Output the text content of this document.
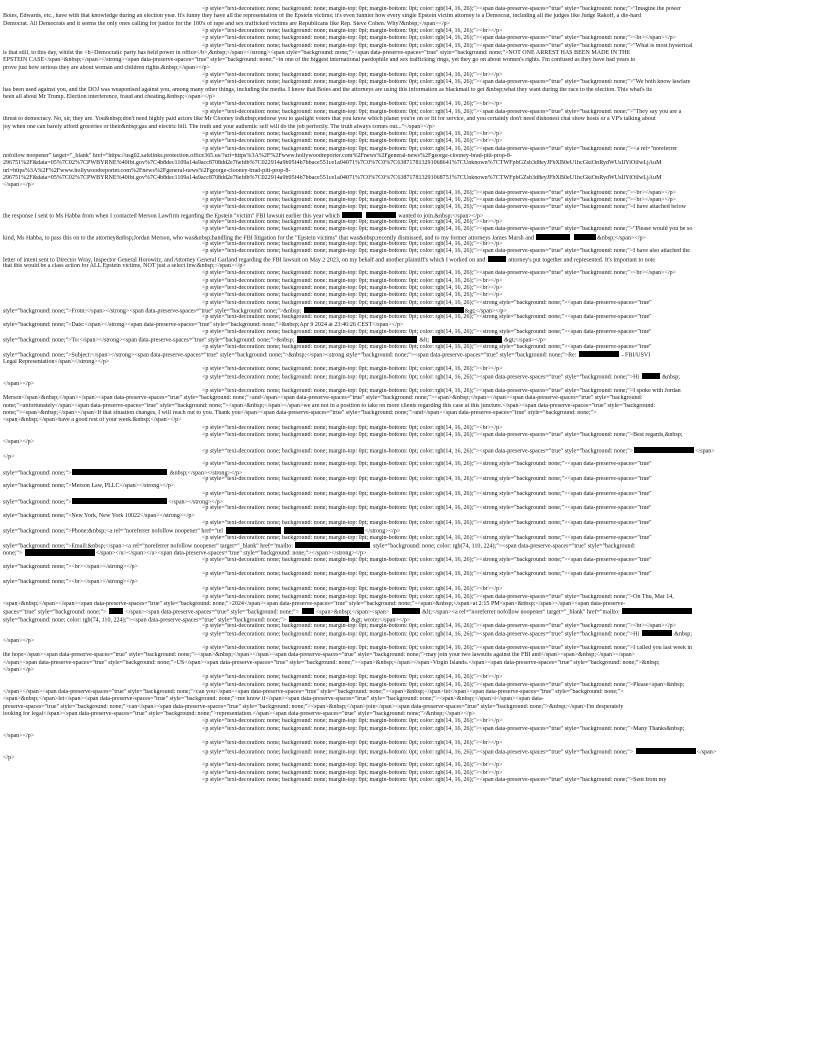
<p style="text-decoration: none; background: none; margin-top: 0pt; margin-bottom: 0pt; color: rgb(14, 16, 26);"><span data-preserve-spaces="true" style="background: none;">"Imagine the power
Boies, Edwards, etc., have with that knowledge during an election year. It's funny they have all the representation of the Epstein victims; it's even funnier how every single Epstein victim attorney is a Democrat, including all the judges like Judge Rakoff, a die-hard
Democrat. All Democrats and it seems the only ones calling for justice for the 100's of rape and sex trafficked victims are Republicans like Rep. Steve Cohen. Why?&nbsp;</span></p>
<p style="text-decoration: none; background: none; margin-top: 0pt; margin-bottom: 0pt; color: rgb(14, 16, 26);"><br></p>
<p style="text-decoration: none; background: none; margin-top: 0pt; margin-bottom: 0pt; color: rgb(14, 16, 26);"><span data-preserve-spaces="true" style="background: none;"><br></span></p>
<p style="text-decoration: none; background: none; margin-top: 0pt; margin-bottom: 0pt; color: rgb(14, 16, 26);"><span data-preserve-spaces="true" style="background: none;">"What is most hysterical
is that still, to this day, whilst the <b>Democratic party has held power in office</b>,&nbsp;</span></strong><span style="background: none;"><span data-preserve-spaces="true" style="background: none;">NOT ONE ARREST HAS BEEN MADE IN THE
EPSTEIN CASE</span>&nbsp;</span></strong><span data-preserve-spaces="true" style="background: none;">in one of the biggest international paedophile and sex trafficking rings, yet they go on about women's rights. I'm confused as they have had years to
prove just how serious they are about woman and children rights.&nbsp;</span></p>
<p style="text-decoration: none; background: none; margin-top: 0pt; margin-bottom: 0pt; color: rgb(14, 16, 26);"><br></p>
<p style="text-decoration: none; background: none; margin-top: 0pt; margin-bottom: 0pt; color: rgb(14, 16, 26);"><span data-preserve-spaces="true" style="background: none;">"We both know lawfare
has been used against you, and the DOJ was weaponised against you, among many other things, including the media. I know that Boies and the attorneys are using this information as blackmail to get &nbsp;what they want during the race to the election. This what's its
been all about Mr Trump. Election interference, fraud and cheating.&nbsp;</span></p>
<p style="text-decoration: none; background: none; margin-top: 0pt; margin-bottom: 0pt; color: rgb(14, 16, 26);"><br></p>
<p style="text-decoration: none; background: none; margin-top: 0pt; margin-bottom: 0pt; color: rgb(14, 16, 26);"><span data-preserve-spaces="true" style="background: none;">"They say you are a
threat to democracy. No, sir, they are. You&nbsp;don't need highly paid actors like Mr Clooney to&nbsp;endorse you to gaslight voters that you know which planet you're on or fit for service, and you certainly don't need dishonest chat show hosts or a VP's talking about
joy when one can barely afford groceries or their&nbsp;gas and electric bill. The truth and your authentic self will do the job perfectly. The truth always comes out..."</span></p>
<p style="text-decoration: none; background: none; margin-top: 0pt; margin-bottom: 0pt; color: rgb(14, 16, 26);"><br></p>
<p style="text-decoration: none; background: none; margin-top: 0pt; margin-bottom: 0pt; color: rgb(14, 16, 26);"><br></p>
<p style="text-decoration: none; background: none; margin-top: 0pt; margin-bottom: 0pt; color: rgb(14, 16, 26);"><span data-preserve-spaces="true" style="background: none;"><a rel="noreferrer
nofollow noopener" target="_blank" href="https://usg02.safelinks.protection.office365.us/?url=https%3A%2F%2Fwww.hollywoodreporter.com%2Fnews%2Fgeneral-news%2Fgeorge-clooney-brad-pitt-prop-8-
296751%2F&data=05%7C02%7CPWBYRNE%40fbi.gov%7C4b8dec1109a14a9acc8708dd2e76efdb%7C022914a9b95f4b7bbace551ce1a04071%7C0%7C0%7C638717813291068641%7CUnknown%7CTWFpbGZsb3d8eyJFbXB0eU1hcGkiOnRydWUsIlYiOiIwLjAuM
url=https%3A%2F%2Fwww.hollywoodreporter.com%2Fnews%2Fgeneral-news%2Fgeorge-clooney-brad-pitt-prop-8-
296751%2F&data=05%7C02%7CPWBYRNE%40fbi.gov%7C4b8dec1109a14a9acc8708dd2e76efdb%7C022914a9b95f4b7bbace551ce1a04071%7C0%7C0%7C638717813291068751%7CUnknown%7CTWFpbGZsb3d8eyJFbXB0eU1hcGkiOnRydWUsIlYiOiIwLjAuM
</span></p>
<p style="text-decoration: none; background: none; margin-top: 0pt; margin-bottom: 0pt; color: rgb(14, 16, 26);"><span data-preserve-spaces="true" style="background: none;"><br></span></p>
<p style="text-decoration: none; background: none; margin-top: 0pt; margin-bottom: 0pt; color: rgb(14, 16, 26);"><span data-preserve-spaces="true" style="background: none;"><br></span></p>
<p style="text-decoration: none; background: none; margin-top: 0pt; margin-bottom: 0pt; color: rgb(14, 16, 26);"><span data-preserve-spaces="true" style="background: none;">I have attached below
the response I sent to Ms Habba from when I contacted Merson Lawfirm regarding the Epstein "victim" FBI lawsuit earlier this year which	wanted to join.&nbsp;</span></p>
<p style="text-decoration: none; background: none; margin-top: 0pt; margin-bottom: 0pt; color: rgb(14, 16, 26);"><br></p>
<p style="text-decoration: none; background: none; margin-top: 0pt; margin-bottom: 0pt; color: rgb(14, 16, 26);"><span data-preserve-spaces="true" style="background: none;">"Please would you be so
kind, Ms Habba, to pass this on to the attorney&nbsp;Jordan Merson, who was&nbsp;handling the FBI litigation for the "Epstein victims" that was&nbsp;recently dismissed, and to my former attorneys James Marsh and	&nbsp;</span></p>
<p style="text-decoration: none; background: none; margin-top: 0pt; margin-bottom: 0pt; color: rgb(14, 16, 26);"><br></p>
<p style="text-decoration: none; background: none; margin-top: 0pt; margin-bottom: 0pt; color: rgb(14, 16, 26);"><span data-preserve-spaces="true" style="background: none;">I have also attached the
letter of intent sent to Director Wray, Inspector General Horowitz, and Attorney General Garland regarding the FBI lawsuit on May 2 2023, on my behalf and another plaintiff's which I worked on and	attorney's put together and represented. It's important to note
that this would be a class action for ALL Epstein victims, NOT just a select few.&nbsp;</span></p>
<p style="text-decoration: none; background: none; margin-top: 0pt; margin-bottom: 0pt; color: rgb(14, 16, 26);"><span data-preserve-spaces="true" style="background: none;"><br></span></p>
<p style="text-decoration: none; background: none; margin-top: 0pt; margin-bottom: 0pt; color: rgb(14, 16, 26);"><br></p>
<p style="text-decoration: none; background: none; margin-top: 0pt; margin-bottom: 0pt; color: rgb(14, 16, 26);"><br></p>
<p style="text-decoration: none; background: none; margin-top: 0pt; margin-bottom: 0pt; color: rgb(14, 16, 26);"><br></p>
<p style="text-decoration: none; background: none; margin-top: 0pt; margin-bottom: 0pt; color: rgb(14, 16, 26);"><strong style="background: none;"><span data-preserve-spaces="true"
style="background: none;">From:</span></strong><span data-preserve-spaces="true" style="background: none;">&nbsp;	&gt;</span></p>
<p style="text-decoration: none; background: none; margin-top: 0pt; margin-bottom: 0pt; color: rgb(14, 16, 26);"><strong style="background: none;"><span data-preserve-spaces="true"
style="background: none;">Date:</span></strong><span data-preserve-spaces="true" style="background: none;">&nbsp;Apr 9 2024 at 23:46:26 CEST</span></p>
<p style="text-decoration: none; background: none; margin-top: 0pt; margin-bottom: 0pt; color: rgb(14, 16, 26);"><strong style="background: none;"><span data-preserve-spaces="true"
style="background: none;">To:</span></strong><span data-preserve-spaces="true" style="background: none;">&nbsp;	&lt;	&gt;</span></p>
<p style="text-decoration: none; background: none; margin-top: 0pt; margin-bottom: 0pt; color: rgb(14, 16, 26);"><strong style="background: none;"><span data-preserve-spaces="true"
style="background: none;">Subject:</span></strong><span data-preserve-spaces="true" style="background: none;">&nbsp;</span><strong style="background: none;"><span data-preserve-spaces="true" style="background: none;">Re:	- FBI/USVI
Legal Representation</span></strong></p>
<p style="text-decoration: none; background: none; margin-top: 0pt; margin-bottom: 0pt; color: rgb(14, 16, 26);"><br></p>
<p style="text-decoration: none; background: none; margin-top: 0pt; margin-bottom: 0pt; color: rgb(14, 16, 26);"><span data-preserve-spaces="true" style="background: none;">Hi	&nbsp;
</span></p>
<p style="text-decoration: none; background: none; margin-top: 0pt; margin-bottom: 0pt; color: rgb(14, 16, 26);"><span data-preserve-spaces="true" style="background: none;">I spoke with Jordan
Merson</span>&nbsp;</span></span><span data-preserve-spaces="true" style="background: none;">and</span><span data-preserve-spaces="true" style="background: none;"><span>&nbsp;</span></span><span data-preserve-spaces="true" style="background:
none;">unfortunately</span><span data-preserve-spaces="true" style="background: none;"><span>&nbsp;</span></span>we are not in a position to take on more clients regarding this case at this juncture.</span><span data-preserve-spaces="true" style="background:
none;"><span>&nbsp;</span></span>If that situation changes, I will reach out to you. Thank you</span><span data-preserve-spaces="true" style="background: none;">and</span><span data-preserve-spaces="true" style="background: none;">
<span>&nbsp;</span>have a good rest of your week.&nbsp;</span></p>
<p style="text-decoration: none; background: none; margin-top: 0pt; margin-bottom: 0pt; color: rgb(14, 16, 26);"><br></p>
<p style="text-decoration: none; background: none; margin-top: 0pt; margin-bottom: 0pt; color: rgb(14, 16, 26);"><span data-preserve-spaces="true" style="background: none;">Best regards,&nbsp;
</span></p>
<p style="text-decoration: none; background: none; margin-top: 0pt; margin-bottom: 0pt; color: rgb(14, 16, 26);"><span data-preserve-spaces="true" style="background: none;">	</span>
</p>
<p style="text-decoration: none; background: none; margin-top: 0pt; margin-bottom: 0pt; color: rgb(14, 16, 26);"><strong style="background: none;"><span data-preserve-spaces="true"
style="background: none;">	&nbsp;</span></strong></p>
<p style="text-decoration: none; background: none; margin-top: 0pt; margin-bottom: 0pt; color: rgb(14, 16, 26);"><strong style="background: none;"><span data-preserve-spaces="true"
style="background: none;">Merson Law, PLLC</span></strong></p>
<p style="text-decoration: none; background: none; margin-top: 0pt; margin-bottom: 0pt; color: rgb(14, 16, 26);"><strong style="background: none;"><span data-preserve-spaces="true"
style="background: none;">	</span></strong></p>
<p style="text-decoration: none; background: none; margin-top: 0pt; margin-bottom: 0pt; color: rgb(14, 16, 26);"><strong style="background: none;"><span data-preserve-spaces="true"
style="background: none;">New York, New York 10022</span></strong></p>
<p style="text-decoration: none; background: none; margin-top: 0pt; margin-bottom: 0pt; color: rgb(14, 16, 26);"><strong style="background: none;"><span data-preserve-spaces="true"
style="background: none;">Phone:&nbsp;<a rel="noreferrer nofollow noopener" href="tel	</strong></p>
<p style="text-decoration: none; background: none; margin-top: 0pt; margin-bottom: 0pt; color: rgb(14, 16, 26);"><strong style="background: none;"><span data-preserve-spaces="true"
style="background: none;">Email:&nbsp;</span><a rel="noreferrer nofollow noopener" target="_blank" href="mailto:	style="background: none; color: rgb(74, 110, 224);"><span data-preserve-spaces="true" style="background:
none;">	</span></u></span></a><span data-preserve-spaces="true" style="background: none;"></span></strong></p>
<p style="text-decoration: none; background: none; margin-top: 0pt; margin-bottom: 0pt; color: rgb(14, 16, 26);"><strong style="background: none;"><span data-preserve-spaces="true"
style="background: none;"><br></span></strong></p>
<p style="text-decoration: none; background: none; margin-top: 0pt; margin-bottom: 0pt; color: rgb(14, 16, 26);"><strong style="background: none;"><span data-preserve-spaces="true"
style="background: none;"><br></span></strong></p>
<p style="text-decoration: none; background: none; margin-top: 0pt; margin-bottom: 0pt; color: rgb(14, 16, 26);"><br></p>
<p style="text-decoration: none; background: none; margin-top: 0pt; margin-bottom: 0pt; color: rgb(14, 16, 26);"><span data-preserve-spaces="true" style="background: none;">On Thu, Mar 14,
<span>&nbsp;</span></span><span data-preserve-spaces="true" style="background: none;">2024</span><span data-preserve-spaces="true" style="background: none;"><span>&nbsp;</span>at 2:15 PM<span>&nbsp;</span></span><span data-preserve-
spaces="true" style="background: none;">	</span><span data-preserve-spaces="true" style="background: none;">  <span>&nbsp;</span><span>	&lt;</span><a rel="noreferrer nofollow noopener" target="_blank" href="mailto:
style="background: none; color: rgb(74, 110, 224);"><span data-preserve-spaces="true" style="background: none;">	&gt; wrote:</span></p>
<p style="text-decoration: none; background: none; margin-top: 0pt; margin-bottom: 0pt; color: rgb(14, 16, 26);"><span data-preserve-spaces="true" style="background: none;"><br></span></p>
<p style="text-decoration: none; background: none; margin-top: 0pt; margin-bottom: 0pt; color: rgb(14, 16, 26);"><span data-preserve-spaces="true" style="background: none;">Hi	&nbsp;
</span></p>
<p style="text-decoration: none; background: none; margin-top: 0pt; margin-bottom: 0pt; color: rgb(14, 16, 26);"><span data-preserve-spaces="true" style="background: none;">I called you last week in
the hope</span><span data-preserve-spaces="true" style="background: none;"><span>&nbsp;</span></span><span data-preserve-spaces="true" style="background: none;">may join your two lawsuits against the FBI and</span><span>&nbsp;</span></span>
</span><span data-preserve-spaces="true" style="background: none;">US</span><span data-preserve-spaces="true" style="background: none;"><span>&nbsp;</span></span>Virgin Islands.</span><span data-preserve-spaces="true" style="background: none;">&nbsp;
</span></p>
<p style="text-decoration: none; background: none; margin-top: 0pt; margin-bottom: 0pt; color: rgb(14, 16, 26);"><br></p>
<p style="text-decoration: none; background: none; margin-top: 0pt; margin-bottom: 0pt; color: rgb(14, 16, 26);"><span data-preserve-spaces="true" style="background: none;">Please<span>&nbsp;
</span></span><span data-preserve-spaces="true" style="background: none;">can you</span><span data-preserve-spaces="true" style="background: none;"><span>&nbsp;</span>let</span><span data-preserve-spaces="true" style="background: none;">
<span>&nbsp;</span>let</span><span data-preserve-spaces="true" style="background: none;">me know if</span><span data-preserve-spaces="true" style="background: none;"><span>&nbsp;</span>i</span><span data-
preserve-spaces="true" style="background: none;">can</span><span data-preserve-spaces="true" style="background: none;"><span>&nbsp;</span>join</span><span data-preserve-spaces="true" style="background: none;">&nbsp;</span>I'm desperately
looking for legal</span><span data-preserve-spaces="true" style="background: none;">representation.</span><span data-preserve-spaces="true" style="background: none;">&nbsp;</span></p>
<p style="text-decoration: none; background: none; margin-top: 0pt; margin-bottom: 0pt; color: rgb(14, 16, 26);"><br></p>
<p style="text-decoration: none; background: none; margin-top: 0pt; margin-bottom: 0pt; color: rgb(14, 16, 26);"><span data-preserve-spaces="true" style="background: none;">Many Thanks&nbsp;
</span></p>
<p style="text-decoration: none; background: none; margin-top: 0pt; margin-bottom: 0pt; color: rgb(14, 16, 26);"><br></p>
<p style="text-decoration: none; background: none; margin-top: 0pt; margin-bottom: 0pt; color: rgb(14, 16, 26);"><span data-preserve-spaces="true" style="background: none;">	</span>
</p>
<p style="text-decoration: none; background: none; margin-top: 0pt; margin-bottom: 0pt; color: rgb(14, 16, 26);"><br></p>
<p style="text-decoration: none; background: none; margin-top: 0pt; margin-bottom: 0pt; color: rgb(14, 16, 26);"><br></p>
<p style="text-decoration: none; background: none; margin-top: 0pt; margin-bottom: 0pt; color: rgb(14, 16, 26);"><span data-preserve-spaces="true" style="background: none;">Sent from my
